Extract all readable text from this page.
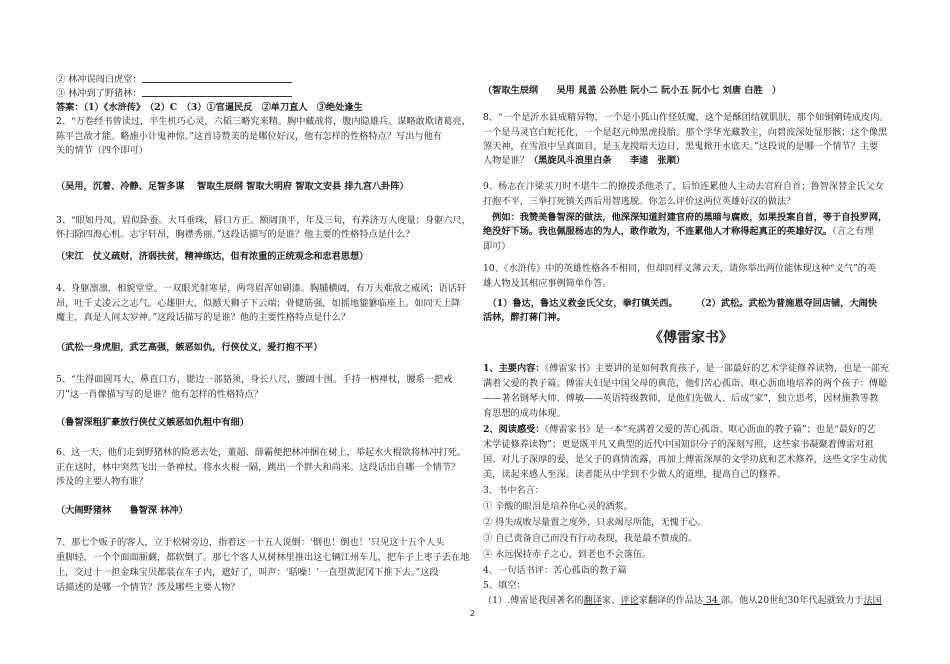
② 林冲误闯白虎堂：

③ 林冲到了野猪林：

答案：（1）《水浒传》　（2）C　（3）①官逼民反　②单刀直人　③绝处逢生

2、“万卷经书曾读过，平生机巧心灵，六韬三略究来精。胸中藏战将，腹内隐雄兵。谋略敢欺诸葛亮，

陈平岂敌才能。略施小计鬼神惊。”这首诗赞美的是哪位好汉，他有怎样的性格特点？写出与他有

关的情节（四个即可）

（吴用，沉着、冷静、足智多谋　 智取生辰纲 智取大明府 智取文安县 排九宫八卦阵）

3、“眼如丹凤，眉似卧蚕。大耳垂珠，唇口方正。额阔顶平，年及三旬，有养济万人度量；身躯六尺，

怀扫除四海心机。志宇轩昂，胸襟秀丽。”这段话描写的是谁？他主要的性格特点是什么？

（宋江　仗义疏财，济弱扶贫，精神练达，但有浓重的正统观念和忠君思想）

4、身躯凛凛，相貌堂堂。一双眼光射寒星，两弯眉浑如刷漆。胸脯横阔，有万夫难敌之威风；语话轩

昂，吐千丈凌云之志气。心雄胆大，似撼天狮子下云端；骨健筋强，如摇地貔貅临座上。如同天上降

魔主，真是人间太岁神。”这段话描写的是谁？他的主要性格特点是什么？

（武松一身虎胆，武艺高强，嫉恶如仇，行侠仗义，爱打抱不平）

5、“生得面圆耳大，鼻直口方，腮边一部貉须，身长八尺，腰阔十围。手持一柄禅杖，腰系一把戒

刀”这一肖像描写写的是谁？他有怎样的性格特点？

（鲁智深粗犷豪放行侠仗义嫉恶如仇粗中有细）

6、这一天，他们走到野猪林的险恶去处，董超、薛霸便把林冲捆在树上，举起水火棍欲将林冲打死。

正在这时，林中突然飞出一条禅杖，将水火棍一隔，跳出一个胖大和尚来。这段话出自哪一个情节？

涉及的主要人物有谁？

（大闹野猪林　　鲁智深 林冲）

7、那七个贩子的客人，立于松树旁边，指着这一十五人说倒：‘倒也！倒也！’只见这十五个人头

重脚轻，一个个面面厮觑，都软倒了。那七个客人从树林里推出这七辆江州车儿，把车子上枣子丢在地

上，交过十一担金珠宝贝都装在车子内，遮好了，叫声：‘聒噪！’一直望黄泥冈下推下去。”这段

话描述的是哪一个情节？涉及哪些主要人物？

（智取生辰纲　　吴用 晁盖 公孙胜 阮小二 阮小五 阮小七 刘唐 白胜　）

8、“一个是沂水县成精异物，一个是小狐山作怪妖魔，这个是酥团结就肌肤，那个如铜剜铸成皮肉。

一个是马灵官白蛇托化，一个是赵元帅黑虎投胎。那个学华光藏教主，向碧波深处显形骸；这个像黑

煞天神，在雪浪中呈真面目，是玉龙搅暗天边日，黑鬼掀开水底天。”这段说的是哪一个情节？主要

人物是谁？（黑旋风斗浪里白条　　李逵　张顺）

9、杨志在汴梁买刀时不堪牛二的撩拨杀他杀了，后怕连累他人主动去官府自首；鲁智深替金氏父女

打抱不平，三拳打死镇关西后用智逃脱。你怎么评价这两位英雄好汉的做法？

　例如：我赞美鲁智深的做法，他深深知道封建官府的黑暗与腐败，如果投案自首，等于自投罗网，

绝没好下场。我也佩服杨志的为人，敢作敢为，不连累他人才称得起真正的英雄好汉。（言之有理

即可）

10、《水浒传》中的英雄性格各不相同，但却同样义薄云天，请你举出两位能体现这种“义气”的英

雄人物及其相应事例简单作答。

　（1）鲁达，鲁达义救金氏父女，拳打镇关西。　　　（2）武松。武松为普施恩夺回店铺，大闹快

活林，醉打蒋门神。

《傅雷家书》

1、主要内容：《傅雷家书》主要讲的是如何教育孩子，是一部最好的艺术学徒修养读物，也是一部充

满着父爱的教子篇。傅雷夫妇是中国父母的典范，他们苦心孤诣、呕心沥血地培养的两个孩子：傅聪

——著名钢琴大师、傅敏——英语特级教师，是他们先做人、后成“家”，独立思考，因材施教等教

育思想的成功体现。

2、阅读感受：《傅雷家书》是一本“充满着父爱的苦心孤诣、呕心沥血的教子篇”；也是“最好的艺

术学徒修养读物”；更是既平凡又典型的近代中国知识分子的深刻写照，这些家书凝聚着傅雷对祖

国、对儿子深厚的爱，是父子的真情流露，再加上傅雷深厚的文学功底和艺术修养，这些文字生动优

美，读起来感人至深。读者能从中学到不少做人的道理，提高自己的修养。

3、书中名言：

① 辛酸的眼泪是培养你心灵的酒浆。

② 得失成败尽量置之度外，只求竭尽所能，无愧于心。

③ 自己责备自己而没有行动表现，我是最不赞成的。

④ 永远保持赤子之心，到老也不会落伍。

4、一句话书评：苦心孤诣的教子篇

5、填空：

（1）.傅雷是我国著名的翻译家、评论家翻译的作品达 34 部。他从20世纪30年代起就致力于法国

2
